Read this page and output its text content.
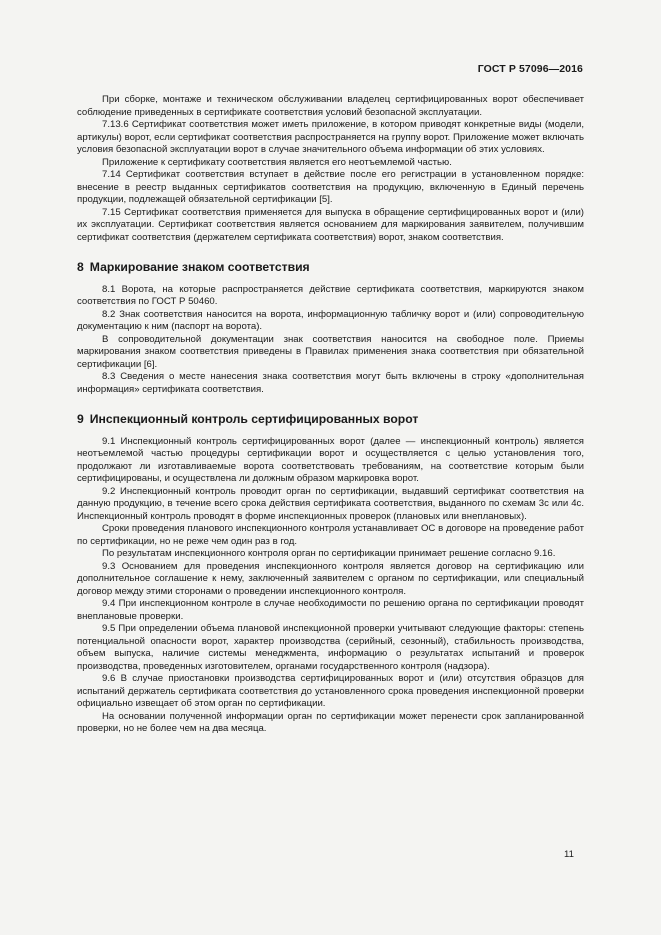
ГОСТ Р 57096—2016

При сборке, монтаже и техническом обслуживании владелец сертифицированных ворот обеспечивает соблюдение приведенных в сертификате соответствия условий безопасной эксплуатации.

7.13.6 Сертификат соответствия может иметь приложение, в котором приводят конкретные виды (модели, артикулы) ворот, если сертификат соответствия распространяется на группу ворот. Приложение может включать условия безопасной эксплуатации ворот в случае значительного объема информации об этих условиях.

Приложение к сертификату соответствия является его неотъемлемой частью.

7.14 Сертификат соответствия вступает в действие после его регистрации в установленном порядке: внесение в реестр выданных сертификатов соответствия на продукцию, включенную в Единый перечень продукции, подлежащей обязательной сертификации [5].

7.15 Сертификат соответствия применяется для выпуска в обращение сертифицированных ворот и (или) их эксплуатации. Сертификат соответствия является основанием для маркирования заявителем, получившим сертификат соответствия (держателем сертификата соответствия) ворот, знаком соответствия.

8 Маркирование знаком соответствия

8.1 Ворота, на которые распространяется действие сертификата соответствия, маркируются знаком соответствия по ГОСТ Р 50460.

8.2 Знак соответствия наносится на ворота, информационную табличку ворот и (или) сопроводительную документацию к ним (паспорт на ворота).

В сопроводительной документации знак соответствия наносится на свободное поле. Приемы маркирования знаком соответствия приведены в Правилах применения знака соответствия при обязательной сертификации [6].

8.3 Сведения о месте нанесения знака соответствия могут быть включены в строку «дополнительная информация» сертификата соответствия.

9 Инспекционный контроль сертифицированных ворот

9.1 Инспекционный контроль сертифицированных ворот (далее — инспекционный контроль) является неотъемлемой частью процедуры сертификации ворот и осуществляется с целью установления того, продолжают ли изготавливаемые ворота соответствовать требованиям, на соответствие которым были сертифицированы, и осуществлена ли должным образом маркировка ворот.

9.2 Инспекционный контроль проводит орган по сертификации, выдавший сертификат соответствия на данную продукцию, в течение всего срока действия сертификата соответствия, выданного по схемам 3с или 4с. Инспекционный контроль проводят в форме инспекционных проверок (плановых или внеплановых).

Сроки проведения планового инспекционного контроля устанавливает ОС в договоре на проведение работ по сертификации, но не реже чем один раз в год.

По результатам инспекционного контроля орган по сертификации принимает решение согласно 9.16.

9.3 Основанием для проведения инспекционного контроля является договор на сертификацию или дополнительное соглашение к нему, заключенный заявителем с органом по сертификации, или специальный договор между этими сторонами о проведении инспекционного контроля.

9.4 При инспекционном контроле в случае необходимости по решению органа по сертификации проводят внеплановые проверки.

9.5 При определении объема плановой инспекционной проверки учитывают следующие факторы: степень потенциальной опасности ворот, характер производства (серийный, сезонный), стабильность производства, объем выпуска, наличие системы менеджмента, информацию о результатах испытаний и проверок производства, проведенных изготовителем, органами государственного контроля (надзора).

9.6 В случае приостановки производства сертифицированных ворот и (или) отсутствия образцов для испытаний держатель сертификата соответствия до установленного срока проведения инспекционной проверки официально извещает об этом орган по сертификации.

На основании полученной информации орган по сертификации может перенести срок запланированной проверки, но не более чем на два месяца.

11
